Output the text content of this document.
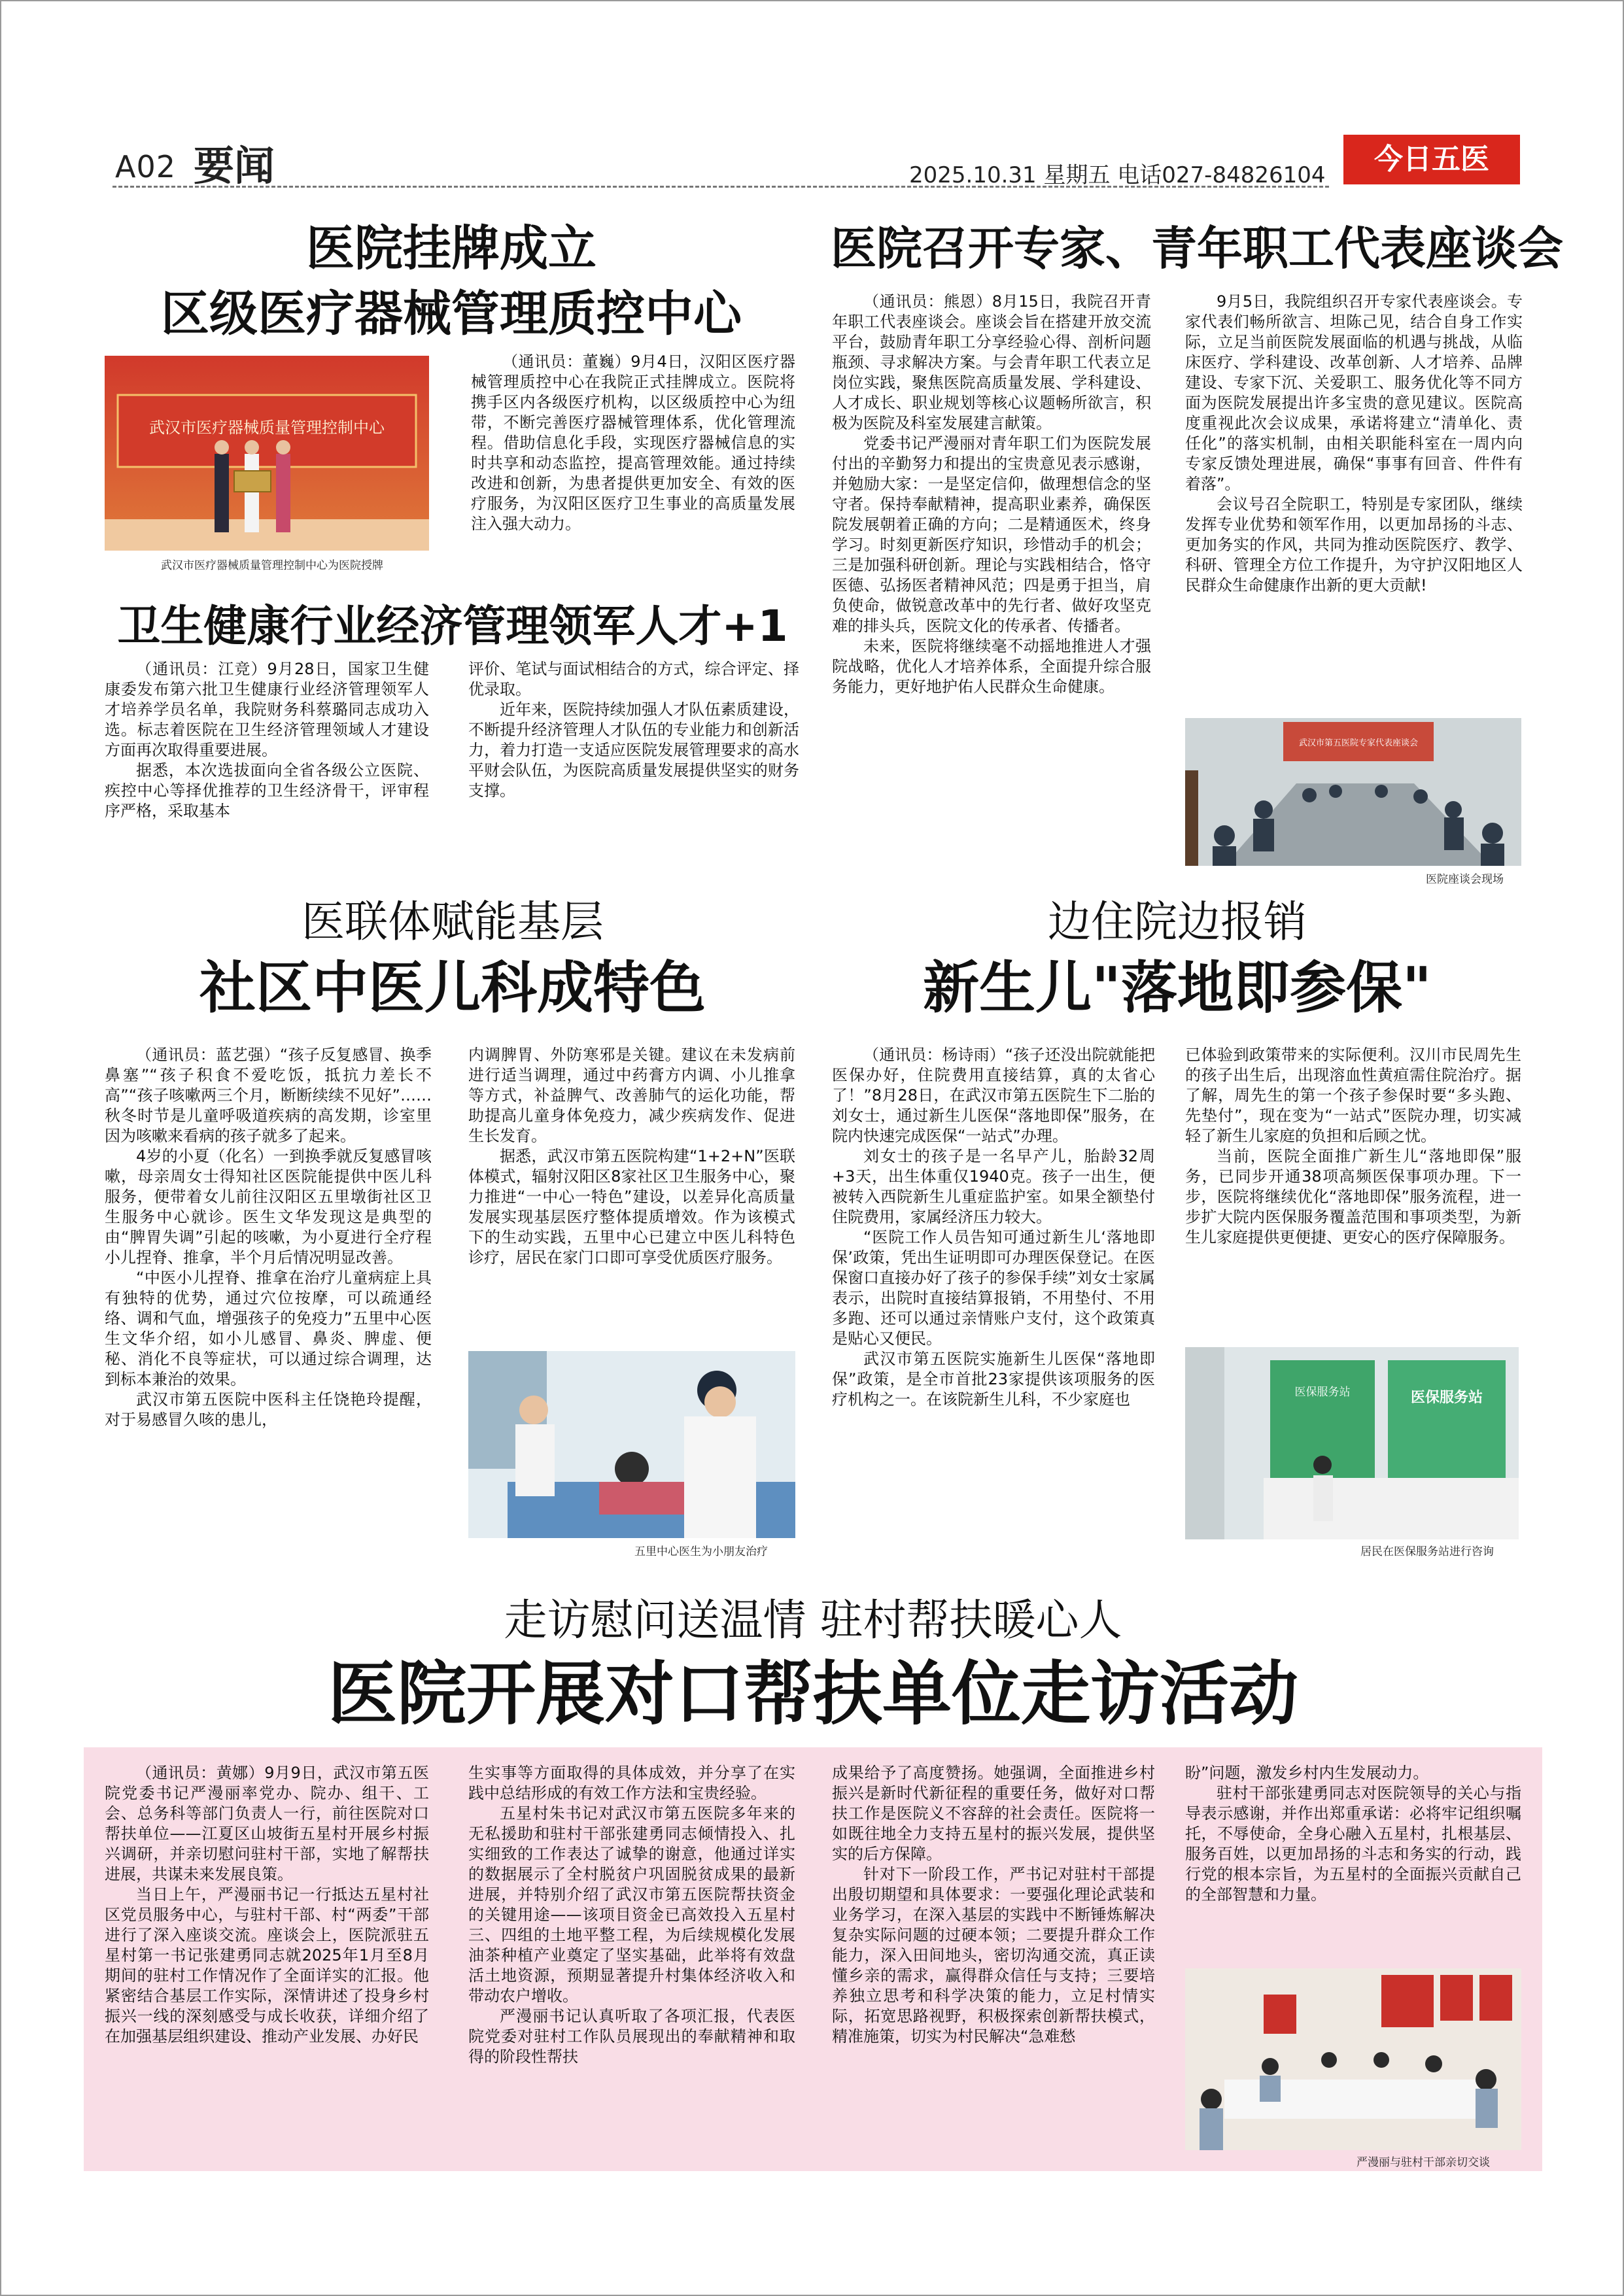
A02 要闻	2025.10.31 星期五 电话027-84826104	今日五医
医院挂牌成立
区级医疗器械管理质控中心
武汉市医疗器械质量管理控制中心
武汉市医疗器械质量管理控制中心为医院授牌

（通讯员：董巍）9月4日，汉阳区医疗器械管理质控中心在我院正式挂牌成立。医院将携手区内各级医疗机构，以区级质控中心为纽带，不断完善医疗器械管理体系，优化管理流程。借助信息化手段，实现医疗器械信息的实时共享和动态监控，提高管理效能。通过持续改进和创新，为患者提供更加安全、有效的医疗服务，为汉阳区医疗卫生事业的高质量发展注入强大动力。

卫生健康行业经济管理领军人才+1

（通讯员：江竞）9月28日，国家卫生健康委发布第六批卫生健康行业经济管理领军人才培养学员名单，我院财务科蔡璐同志成功入选。标志着医院在卫生经济管理领域人才建设方面再次取得重要进展。

据悉，本次选拔面向全省各级公立医院、疾控中心等择优推荐的卫生经济骨干，评审程序严格，采取基本

评价、笔试与面试相结合的方式，综合评定、择优录取。

近年来，医院持续加强人才队伍素质建设，不断提升经济管理人才队伍的专业能力和创新活力，着力打造一支适应医院发展管理要求的高水平财会队伍，为医院高质量发展提供坚实的财务支撑。

医院召开专家、青年职工代表座谈会

（通讯员：熊恩）8月15日，我院召开青年职工代表座谈会。座谈会旨在搭建开放交流平台，鼓励青年职工分享经验心得、剖析问题瓶颈、寻求解决方案。与会青年职工代表立足岗位实践，聚焦医院高质量发展、学科建设、人才成长、职业规划等核心议题畅所欲言，积极为医院及科室发展建言献策。

党委书记严漫丽对青年职工们为医院发展付出的辛勤努力和提出的宝贵意见表示感谢，并勉励大家：一是坚定信仰，做理想信念的坚守者。保持奉献精神，提高职业素养，确保医院发展朝着正确的方向；二是精通医术，终身学习。时刻更新医疗知识，珍惜动手的机会；三是加强科研创新。理论与实践相结合，恪守医德、弘扬医者精神风范；四是勇于担当，肩负使命，做锐意改革中的先行者、做好攻坚克难的排头兵，医院文化的传承者、传播者。

未来，医院将继续毫不动摇地推进人才强院战略，优化人才培养体系，全面提升综合服务能力，更好地护佑人民群众生命健康。

9月5日，我院组织召开专家代表座谈会。专家代表们畅所欲言、坦陈己见，结合自身工作实际，立足当前医院发展面临的机遇与挑战，从临床医疗、学科建设、改革创新、人才培养、品牌建设、专家下沉、关爱职工、服务优化等不同方面为医院发展提出许多宝贵的意见建议。医院高度重视此次会议成果，承诺将建立“清单化、责任化”的落实机制，由相关职能科室在一周内向专家反馈处理进展，确保“事事有回音、件件有着落”。

会议号召全院职工，特别是专家团队，继续发挥专业优势和领军作用，以更加昂扬的斗志、更加务实的作风，共同为推动医院医疗、教学、科研、管理全方位工作提升，为守护汉阳地区人民群众生命健康作出新的更大贡献!

武汉市第五医院专家代表座谈会
医院座谈会现场
医联体赋能基层
社区中医儿科成特色

（通讯员：蓝艺强）“孩子反复感冒、换季鼻塞”“孩子积食不爱吃饭，抵抗力差长不高”“孩子咳嗽两三个月，断断续续不见好”……秋冬时节是儿童呼吸道疾病的高发期，诊室里因为咳嗽来看病的孩子就多了起来。

4岁的小夏（化名）一到换季就反复感冒咳嗽，母亲周女士得知社区医院能提供中医儿科服务，便带着女儿前往汉阳区五里墩街社区卫生服务中心就诊。医生文华发现这是典型的由“脾胃失调”引起的咳嗽，为小夏进行全疗程小儿捏脊、推拿，半个月后情况明显改善。

“中医小儿捏脊、推拿在治疗儿童病症上具有独特的优势，通过穴位按摩，可以疏通经络、调和气血，增强孩子的免疫力”五里中心医生文华介绍，如小儿感冒、鼻炎、脾虚、便秘、消化不良等症状，可以通过综合调理，达到标本兼治的效果。

武汉市第五医院中医科主任饶艳玲提醒，对于易感冒久咳的患儿，

内调脾胃、外防寒邪是关键。建议在未发病前进行适当调理，通过中药膏方内调、小儿推拿等方式，补益脾气、改善肺气的运化功能，帮助提高儿童身体免疫力，减少疾病发作、促进生长发育。

据悉，武汉市第五医院构建“1+2+N”医联体模式，辐射汉阳区8家社区卫生服务中心，聚力推进“一中心一特色”建设，以差异化高质量发展实现基层医疗整体提质增效。作为该模式下的生动实践，五里中心已建立中医儿科特色诊疗，居民在家门口即可享受优质医疗服务。

五里中心医生为小朋友治疗
边住院边报销
新生儿"落地即参保"

（通讯员：杨诗雨）“孩子还没出院就能把医保办好，住院费用直接结算，真的太省心了！”8月28日，在武汉市第五医院生下二胎的刘女士，通过新生儿医保“落地即保”服务，在院内快速完成医保“一站式”办理。

刘女士的孩子是一名早产儿，胎龄32周+3天，出生体重仅1940克。孩子一出生，便被转入西院新生儿重症监护室。如果全额垫付住院费用，家属经济压力较大。

“医院工作人员告知可通过新生儿‘落地即保’政策，凭出生证明即可办理医保登记。在医保窗口直接办好了孩子的参保手续”刘女士家属表示，出院时直接结算报销，不用垫付、不用多跑、还可以通过亲情账户支付，这个政策真是贴心又便民。

武汉市第五医院实施新生儿医保“落地即保”政策，是全市首批23家提供该项服务的医疗机构之一。在该院新生儿科，不少家庭也

已体验到政策带来的实际便利。汉川市民周先生的孩子出生后，出现溶血性黄疸需住院治疗。据了解，周先生的第一个孩子参保时要“多头跑、先垫付”，现在变为“一站式”医院办理，切实减轻了新生儿家庭的负担和后顾之忧。

当前，医院全面推广新生儿“落地即保”服务，已同步开通38项高频医保事项办理。下一步，医院将继续优化“落地即保”服务流程，进一步扩大院内医保服务覆盖范围和事项类型，为新生儿家庭提供更便捷、更安心的医疗保障服务。

医保服务站	医保服务站
居民在医保服务站进行咨询
走访慰问送温情 驻村帮扶暖心人
医院开展对口帮扶单位走访活动

（通讯员：黄娜）9月9日，武汉市第五医院党委书记严漫丽率党办、院办、组干、工会、总务科等部门负责人一行，前往医院对口帮扶单位——江夏区山坡街五星村开展乡村振兴调研，并亲切慰问驻村干部，实地了解帮扶进展，共谋未来发展良策。

当日上午，严漫丽书记一行抵达五星村社区党员服务中心，与驻村干部、村“两委”干部进行了深入座谈交流。座谈会上，医院派驻五星村第一书记张建勇同志就2025年1月至8月期间的驻村工作情况作了全面详实的汇报。他紧密结合基层工作实际，深情讲述了投身乡村振兴一线的深刻感受与成长收获，详细介绍了在加强基层组织建设、推动产业发展、办好民

生实事等方面取得的具体成效，并分享了在实践中总结形成的有效工作方法和宝贵经验。

五星村朱书记对武汉市第五医院多年来的无私援助和驻村干部张建勇同志倾情投入、扎实细致的工作表达了诚挚的谢意，他通过详实的数据展示了全村脱贫户巩固脱贫成果的最新进展，并特别介绍了武汉市第五医院帮扶资金的关键用途——该项目资金已高效投入五星村三、四组的土地平整工程，为后续规模化发展油茶种植产业奠定了坚实基础，此举将有效盘活土地资源，预期显著提升村集体经济收入和带动农户增收。

严漫丽书记认真听取了各项汇报，代表医院党委对驻村工作队员展现出的奉献精神和取得的阶段性帮扶

成果给予了高度赞扬。她强调，全面推进乡村振兴是新时代新征程的重要任务，做好对口帮扶工作是医院义不容辞的社会责任。医院将一如既往地全力支持五星村的振兴发展，提供坚实的后方保障。

针对下一阶段工作，严书记对驻村干部提出殷切期望和具体要求：一要强化理论武装和业务学习，在深入基层的实践中不断锤炼解决复杂实际问题的过硬本领；二要提升群众工作能力，深入田间地头，密切沟通交流，真正读懂乡亲的需求，赢得群众信任与支持；三要培养独立思考和科学决策的能力，立足村情实际，拓宽思路视野，积极探索创新帮扶模式，精准施策，切实为村民解决“急难愁

盼”问题，激发乡村内生发展动力。

驻村干部张建勇同志对医院领导的关心与指导表示感谢，并作出郑重承诺：必将牢记组织嘱托，不辱使命，全身心融入五星村，扎根基层、服务百姓，以更加昂扬的斗志和务实的行动，践行党的根本宗旨，为五星村的全面振兴贡献自己的全部智慧和力量。

严漫丽与驻村干部亲切交谈
